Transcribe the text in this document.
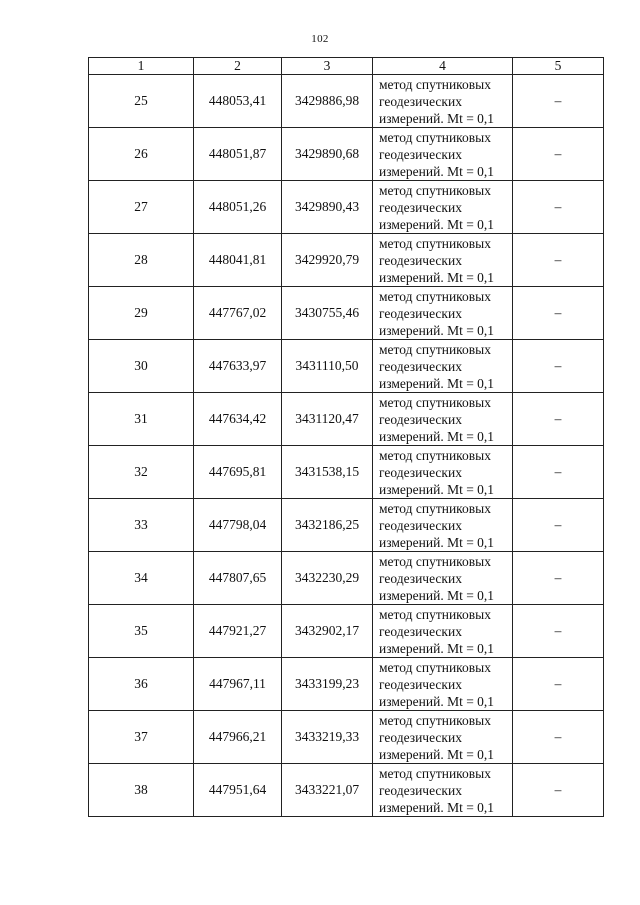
102
1	2	3	4	5
25	448053,41	3429886,98	метод спутниковых
геодезических
измерений. Mt = 0,1	–
26	448051,87	3429890,68	метод спутниковых
геодезических
измерений. Mt = 0,1	–
27	448051,26	3429890,43	метод спутниковых
геодезических
измерений. Mt = 0,1	–
28	448041,81	3429920,79	метод спутниковых
геодезических
измерений. Mt = 0,1	–
29	447767,02	3430755,46	метод спутниковых
геодезических
измерений. Mt = 0,1	–
30	447633,97	3431110,50	метод спутниковых
геодезических
измерений. Mt = 0,1	–
31	447634,42	3431120,47	метод спутниковых
геодезических
измерений. Mt = 0,1	–
32	447695,81	3431538,15	метод спутниковых
геодезических
измерений. Mt = 0,1	–
33	447798,04	3432186,25	метод спутниковых
геодезических
измерений. Mt = 0,1	–
34	447807,65	3432230,29	метод спутниковых
геодезических
измерений. Mt = 0,1	–
35	447921,27	3432902,17	метод спутниковых
геодезических
измерений. Mt = 0,1	–
36	447967,11	3433199,23	метод спутниковых
геодезических
измерений. Mt = 0,1	–
37	447966,21	3433219,33	метод спутниковых
геодезических
измерений. Mt = 0,1	–
38	447951,64	3433221,07	метод спутниковых
геодезических
измерений. Mt = 0,1	–
